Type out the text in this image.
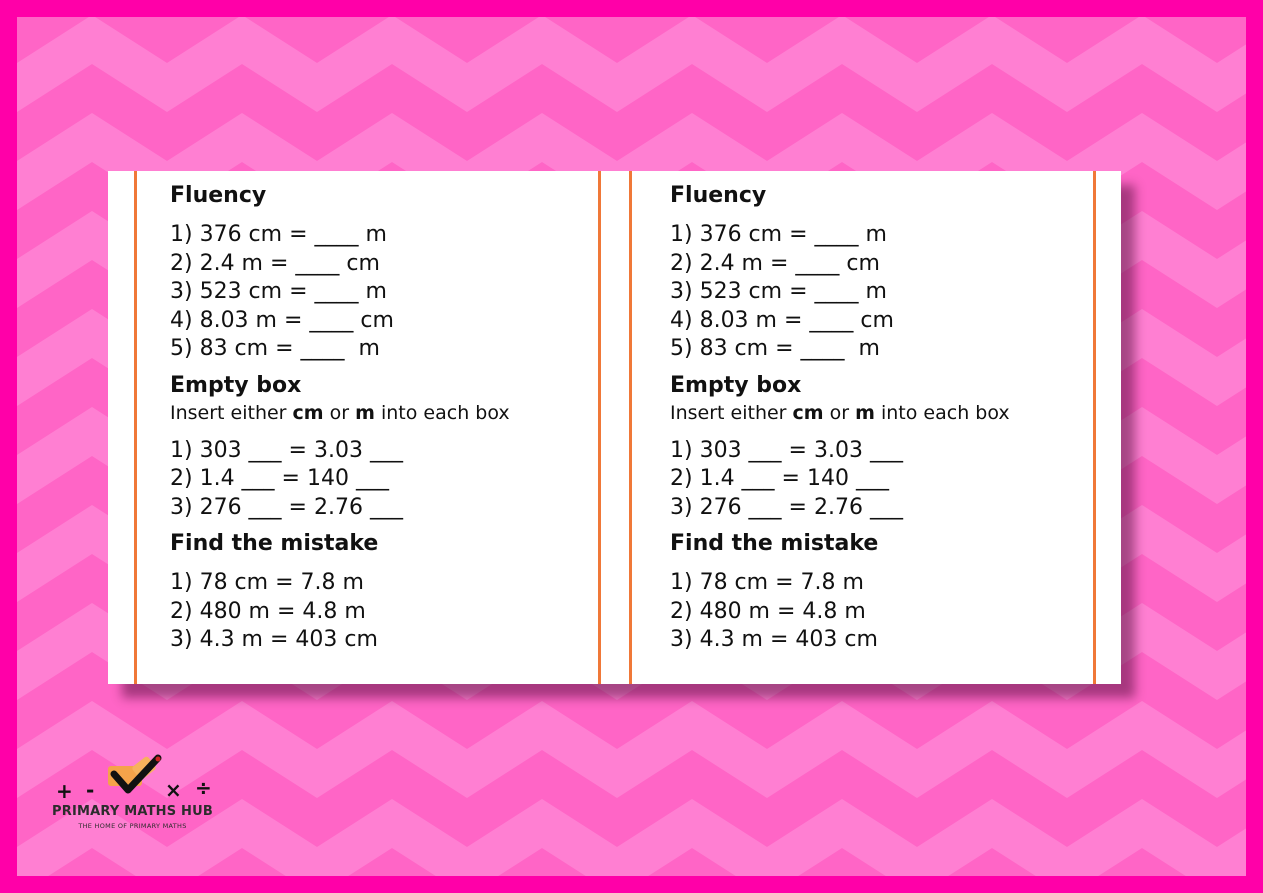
Fluency

1) 376 cm = ____ m

2) 2.4 m = ____ cm

3) 523 cm = ____ m

4) 8.03 m = ____ cm

5) 83 cm = ____  m

Empty box

Insert either cm or m into each box

1) 303 ___ = 3.03 ___

2) 1.4 ___ = 140 ___

3) 276 ___ = 2.76 ___

Find the mistake

1) 78 cm = 7.8 m

2) 480 m = 4.8 m

3) 4.3 m = 403 cm

Fluency

1) 376 cm = ____ m

2) 2.4 m = ____ cm

3) 523 cm = ____ m

4) 8.03 m = ____ cm

5) 83 cm = ____  m

Empty box

Insert either cm or m into each box

1) 303 ___ = 3.03 ___

2) 1.4 ___ = 140 ___

3) 276 ___ = 2.76 ___

Find the mistake

1) 78 cm = 7.8 m

2) 480 m = 4.8 m

3) 4.3 m = 403 cm

+ -	× ÷
PRIMARY MATHS HUB
THE HOME OF PRIMARY MATHS
